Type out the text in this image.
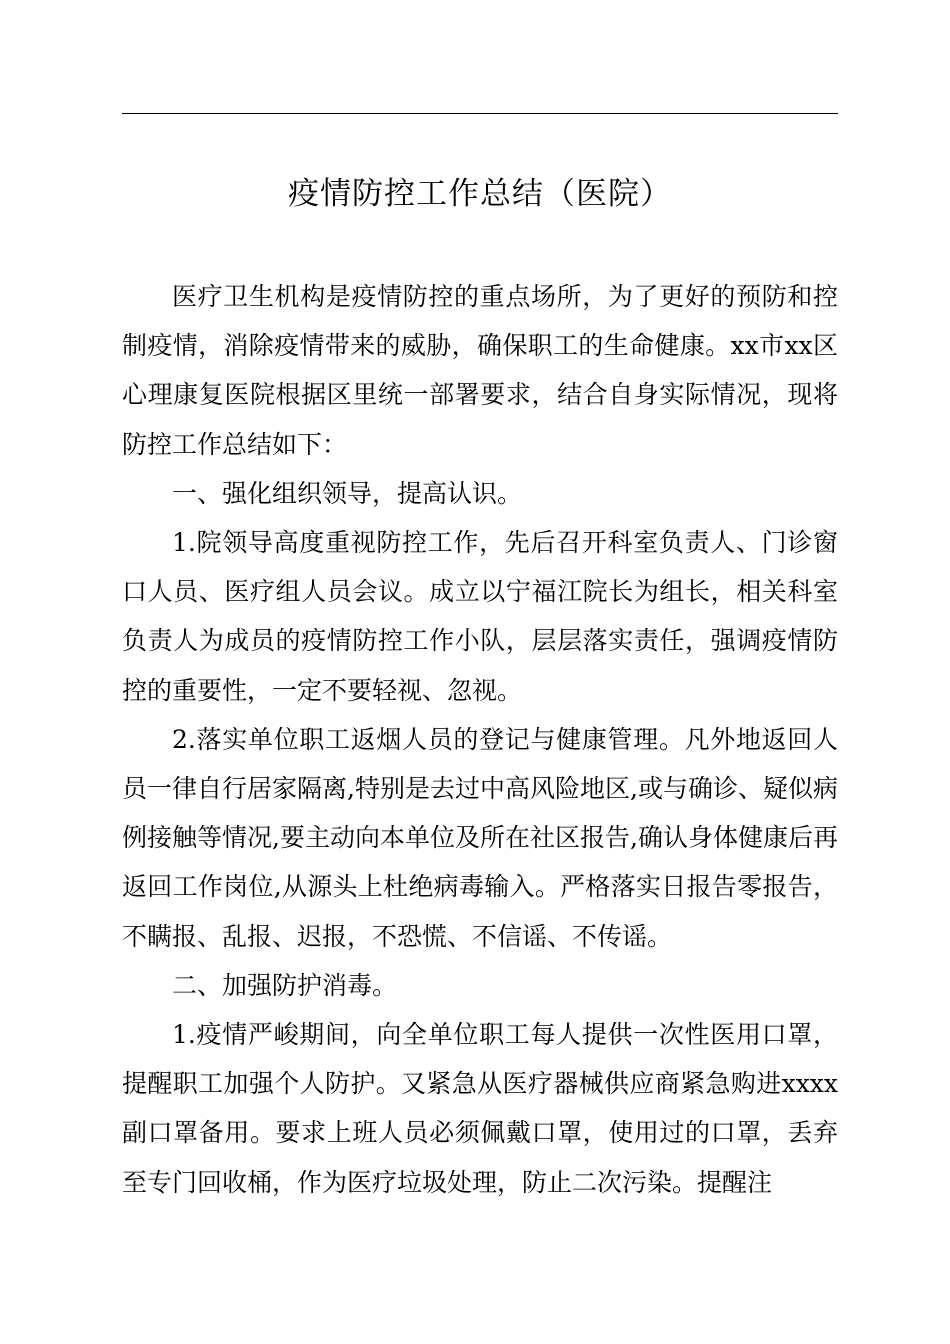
疫情防控工作总结（医院）

医疗卫生机构是疫情防控的重点场所，为了更好的预防和控制疫情，消除疫情带来的威胁，确保职工的生命健康。xx市xx区心理康复医院根据区里统一部署要求，结合自身实际情况，现将防控工作总结如下：

一、强化组织领导，提高认识。

1.院领导高度重视防控工作，先后召开科室负责人、门诊窗口人员、医疗组人员会议。成立以宁福江院长为组长，相关科室负责人为成员的疫情防控工作小队，层层落实责任，强调疫情防控的重要性，一定不要轻视、忽视。

2.落实单位职工返烟人员的登记与健康管理。凡外地返回人员一律自行居家隔离,特别是去过中高风险地区,或与确诊、疑似病例接触等情况,要主动向本单位及所在社区报告,确认身体健康后再返回工作岗位,从源头上杜绝病毒输入。严格落实日报告零报告，不瞒报、乱报、迟报，不恐慌、不信谣、不传谣。

二、加强防护消毒。

1.疫情严峻期间，向全单位职工每人提供一次性医用口罩，提醒职工加强个人防护。又紧急从医疗器械供应商紧急购进xxxx副口罩备用。要求上班人员必须佩戴口罩，使用过的口罩，丢弃至专门回收桶，作为医疗垃圾处理，防止二次污染。提醒注
